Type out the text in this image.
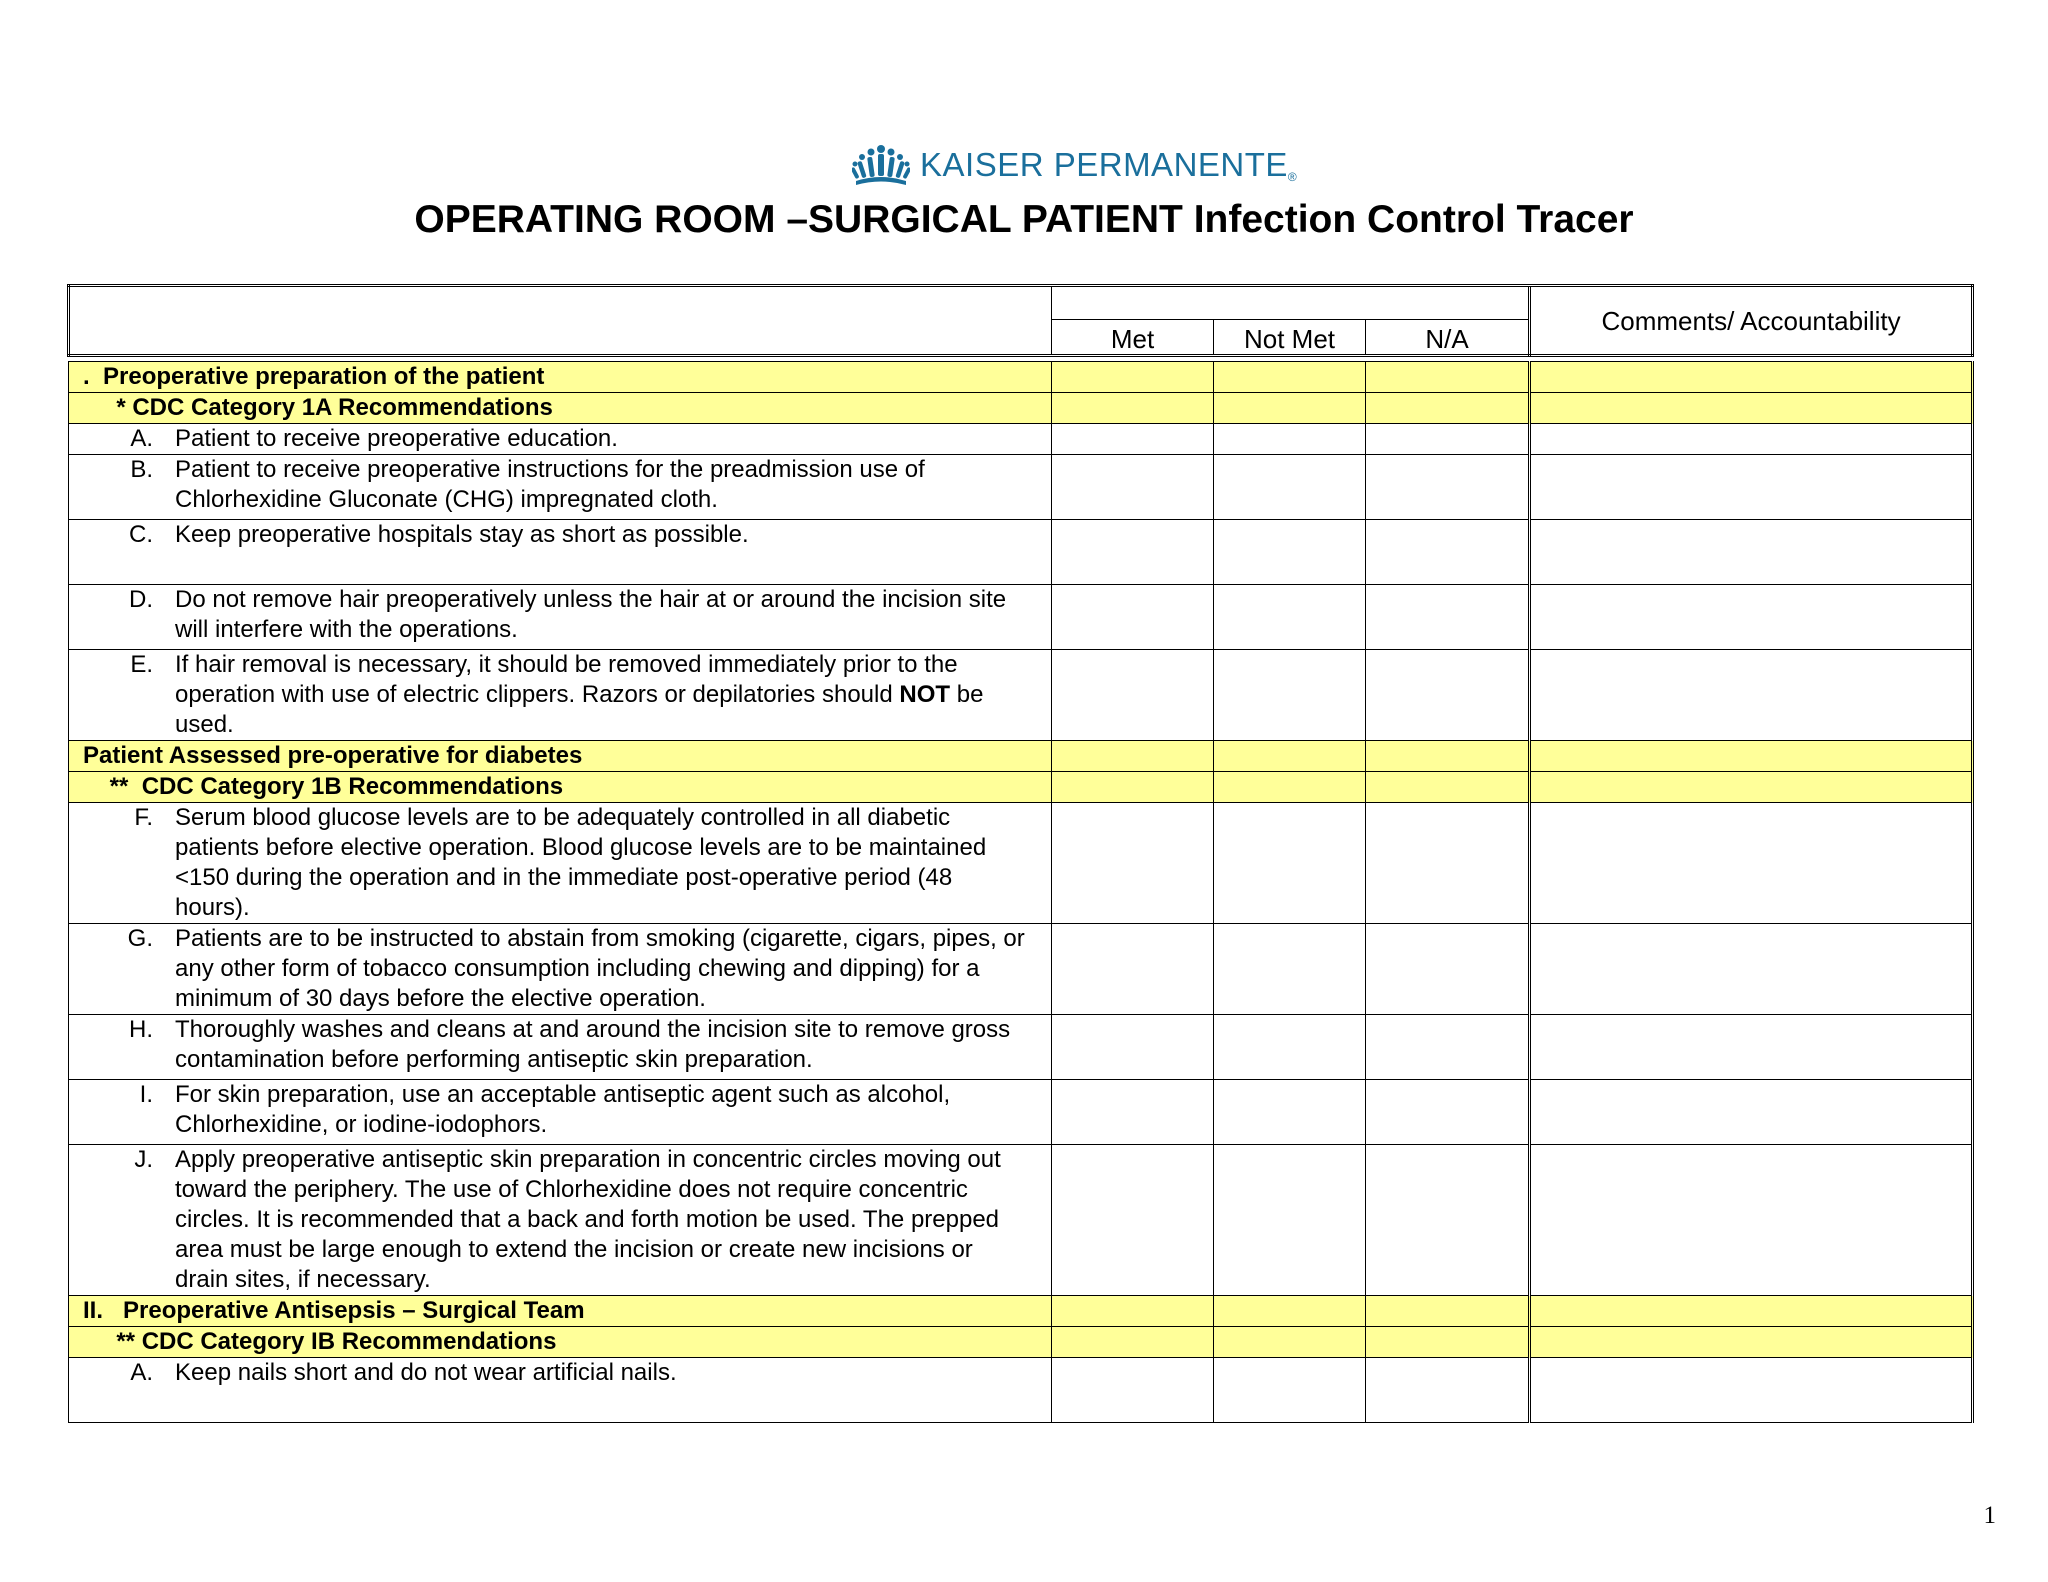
KAISER PERMANENTE®
OPERATING ROOM –SURGICAL PATIENT Infection Control Tracer
				Comments/ Accountability
	Met	Not Met	N/A	

.  Preoperative preparation of the patient				
* CDC Category 1A Recommendations				

A. Patient to receive preoperative education.				

B. Patient to receive preoperative instructions for the preadmission use of Chlorhexidine Gluconate (CHG) impregnated cloth.				

C. Keep preoperative hospitals stay as short as possible.				

D. Do not remove hair preoperatively unless the hair at or around the incision site will interfere with the operations.				

E. If hair removal is necessary, it should be removed immediately prior to the operation with use of electric clippers. Razors or depilatories should NOT be used.				

Patient Assessed pre-operative for diabetes				
**  CDC Category 1B Recommendations				

F. Serum blood glucose levels are to be adequately controlled in all diabetic patients before elective operation. Blood glucose levels are to be maintained <150 during the operation and in the immediate post-operative period (48 hours).				

G. Patients are to be instructed to abstain from smoking (cigarette, cigars, pipes, or any other form of tobacco consumption including chewing and dipping) for a minimum of 30 days before the elective operation.				

H. Thoroughly washes and cleans at and around the incision site to remove gross contamination before performing antiseptic skin preparation.				

I. For skin preparation, use an acceptable antiseptic agent such as alcohol, Chlorhexidine, or iodine-iodophors.				

J. Apply preoperative antiseptic skin preparation in concentric circles moving out toward the periphery. The use of Chlorhexidine does not require concentric circles. It is recommended that a back and forth motion be used. The prepped area must be large enough to extend the incision or create new incisions or drain sites, if necessary.				

II.   Preoperative Antisepsis – Surgical Team				
** CDC Category IB Recommendations				

A. Keep nails short and do not wear artificial nails.				

1
